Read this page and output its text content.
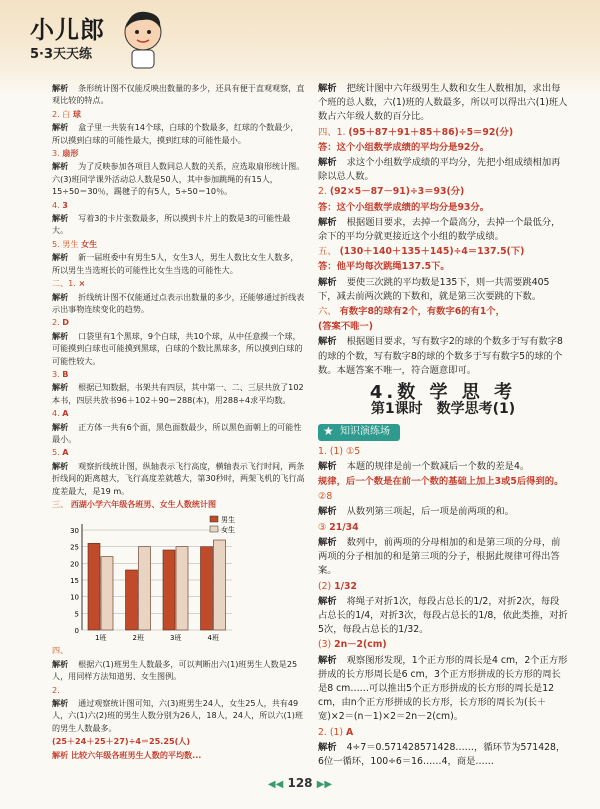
小儿郎
5·3天天练
解析 条形统计图不仅能反映出数量的多少，还具有便于直观观察，直观比较的特点。
2. 白 球
解析 盒子里一共装有14个球，白球的个数最多，红球的个数最少，所以摸到白球的可能性最大，摸到红球的可能性最小。
3. 扇形
解析 为了反映参加各项目人数同总人数的关系，应选取扇形统计图。六(3)班同学课外活动总人数是50人，其中参加跳绳的有15人，15÷50＝30％，踢毽子的有5人，5÷50＝10％。
4. 3
解析 写着3的卡片张数最多，所以摸到卡片上的数是3的可能性最大。
5. 男生 女生
解析 新一届班委中有男生5人，女生3人，男生人数比女生人数多，所以男生当选班长的可能性比女生当选的可能性大。
二、1. ×
解析 折线统计图不仅能通过点表示出数量的多少，还能够通过折线表示出事物连续变化的趋势。
2. D
解析 口袋里有1个黑球，9个白球，共10个球，从中任意摸一个球，可能摸到白球也可能摸到黑球，白球的个数比黑球多，所以摸到白球的可能性较大。
3. B
解析 根据已知数据，书架共有四层，其中第一、二、三层共放了102本书，四层共放书96＋102＋90＝288(本)，用288÷4求平均数。
4. A
解析 正方体一共有6个面，黑色面数最少，所以黑色面朝上的可能性最小。
5. A
解析 观察折线统计图，纵轴表示飞行高度，横轴表示飞行时间，两条折线间的距离越大，飞行高度差就越大，第30秒时，两架飞机的飞行高度差最大，是19 m。
三、 西湖小学六年级各班男、女生人数统计图
0
5
10
15
20
25
30
1班	2班	3班	4班
男生
女生
四、
解析 根据六(1)班男生人数最多，可以判断出六(1)班男生人数是25人，用同样方法知道男、女生图例。
2.
解析 通过观察统计图可知，六(3)班男生24人，女生25人，共有49人，六(1)六(2)班的男生人数分别为26人，18人，24人，所以六(1)班的男生人数最多。
(25＋24＋25＋27)÷4＝25.25(人)
解析 比较六年级各班男生人数的平均数...
解析 把统计图中六年级男生人数和女生人数相加，求出每个班的总人数，六(1)班的人数最多，所以可以得出六(1)班人数占六年级人数的百分比。
四、1. (95＋87＋91＋85＋86)÷5＝92(分)
答：这个小组数学成绩的平均分是92分。
解析 求这个小组数学成绩的平均分，先把小组成绩相加再除以总人数。
2. (92×5－87－91)÷3＝93(分)
答：这个小组数学成绩的平均分是93分。
解析 根据题目要求，去掉一个最高分，去掉一个最低分，余下的平均分就更接近这个小组的数学成绩。
五、 (130＋140＋135＋145)÷4＝137.5(下)
答：他平均每次跳绳137.5下。
解析 要使三次跳的平均数是135下，则一共需要跳405下，减去前两次跳的下数和，就是第三次要跳的下数。
六、 有数字8的球有2个，有数字6的有1个，
(答案不唯一)
解析 根据题目要求，写有数字2的球的个数多于写有数字8的球的个数，写有数字8的球的个数多于写有数字5的球的个数。本题答案不唯一，符合题意即可。
4.数 学 思 考
第1课时　数学思考(1)
★ 知识演练场
1. (1) ①5
解析 本题的规律是前一个数减后一个数的差是4。
规律，后一个数是在前一个数的基础上加上3或5后得到的。
②8
解析 从数列第三项起，后一项是前两项的和。
③ 21/34
解析 数列中，前两项的分母相加的和是第三项的分母，前两项的分子相加的和是第三项的分子，根据此规律可得出答案。
(2) 1/32
解析 将绳子对折1次，每段占总长的1/2，对折2次，每段占总长的1/4，对折3次，每段占总长的1/8，依此类推，对折5次，每段占总长的1/32。
(3) 2n－2(cm)
解析 观察图形发现，1个正方形的周长是4 cm，2个正方形拼成的长方形周长是6 cm，3个正方形拼成的长方形的周长是8 cm……可以推出5个正方形拼成的长方形的周长是12 cm，由n个正方形拼成的长方形，长方形的周长为(长＋宽)×2＝(n－1)×2＝2n－2(cm)。
2. (1) A
解析 4÷7＝0.571428571428……，循环节为571428，6位一循环，100÷6＝16……4，商是……
◀◀ 128 ▶▶
